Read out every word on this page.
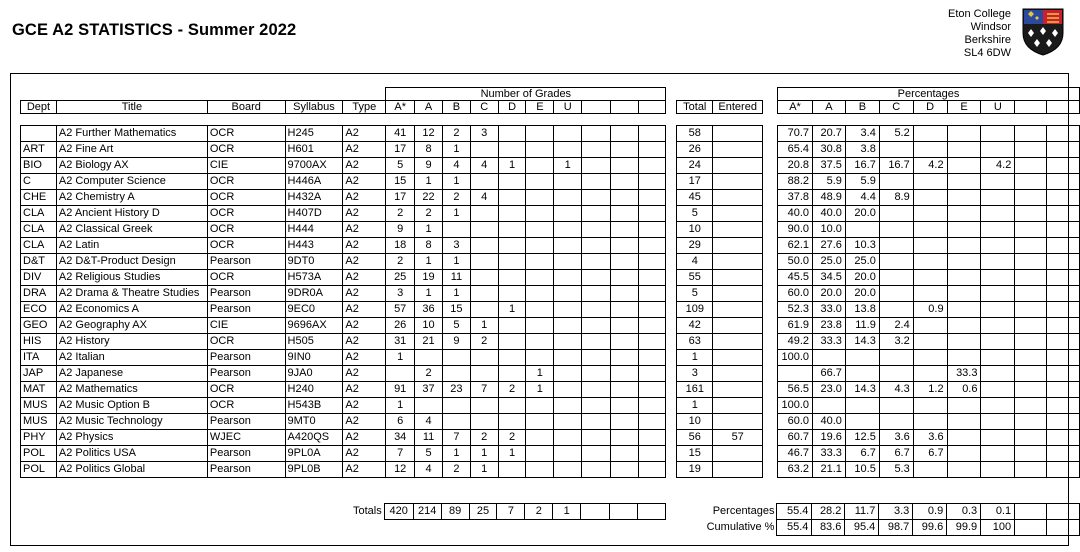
GCE A2 STATISTICS - Summer 2022
Eton College
Windsor
Berkshire
SL4 6DW
					Number of Grades														Percentages								
Dept	Title	Board	Syllabus	Type	A*	A	B	C	D	E	U					Total	Entered		A*	A	B	C	D	E	U		

	A2 Further Mathematics	OCR	H245	A2	41	12	2	3								58			70.7	20.7	3.4	5.2					
ART	A2 Fine Art	OCR	H601	A2	17	8	1									26			65.4	30.8	3.8						
BIO	A2 Biology AX	CIE	9700AX	A2	5	9	4	4	1		1					24			20.8	37.5	16.7	16.7	4.2		4.2		
C	A2 Computer Science	OCR	H446A	A2	15	1	1									17			88.2	5.9	5.9						
CHE	A2 Chemistry A	OCR	H432A	A2	17	22	2	4								45			37.8	48.9	4.4	8.9					
CLA	A2 Ancient History D	OCR	H407D	A2	2	2	1									5			40.0	40.0	20.0						
CLA	A2 Classical Greek	OCR	H444	A2	9	1										10			90.0	10.0							
CLA	A2 Latin	OCR	H443	A2	18	8	3									29			62.1	27.6	10.3						
D&T	A2 D&T-Product Design	Pearson	9DT0	A2	2	1	1									4			50.0	25.0	25.0						
DIV	A2 Religious Studies	OCR	H573A	A2	25	19	11									55			45.5	34.5	20.0						
DRA	A2 Drama & Theatre Studies	Pearson	9DR0A	A2	3	1	1									5			60.0	20.0	20.0						
ECO	A2 Economics A	Pearson	9EC0	A2	57	36	15		1							109			52.3	33.0	13.8		0.9				
GEO	A2 Geography AX	CIE	9696AX	A2	26	10	5	1								42			61.9	23.8	11.9	2.4					
HIS	A2 History	OCR	H505	A2	31	21	9	2								63			49.2	33.3	14.3	3.2					
ITA	A2 Italian	Pearson	9IN0	A2	1											1			100.0								
JAP	A2 Japanese	Pearson	9JA0	A2		2				1						3				66.7				33.3			
MAT	A2 Mathematics	OCR	H240	A2	91	37	23	7	2	1						161			56.5	23.0	14.3	4.3	1.2	0.6			
MUS	A2 Music Option B	OCR	H543B	A2	1											1			100.0								
MUS	A2 Music Technology	Pearson	9MT0	A2	6	4										10			60.0	40.0							
PHY	A2 Physics	WJEC	A420QS	A2	34	11	7	2	2							56	57		60.7	19.6	12.5	3.6	3.6				
POL	A2 Politics USA	Pearson	9PL0A	A2	7	5	1	1	1							15			46.7	33.3	6.7	6.7	6.7				
POL	A2 Politics Global	Pearson	9PL0B	A2	12	4	2	1								19			63.2	21.1	10.5	5.3					
	Totals	420	214	89	25	7	2	1					Percentages	55.4	28.2	11.7	3.3	0.9	0.3	0.1		
													Cumulative %	55.4	83.6	95.4	98.7	99.6	99.9	100		
